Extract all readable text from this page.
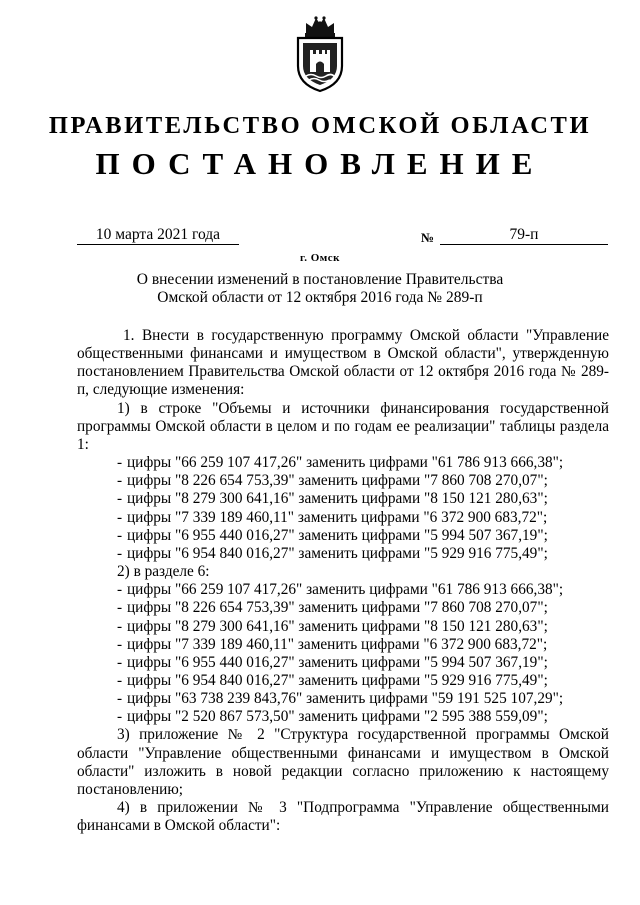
ПРАВИТЕЛЬСТВО ОМСКОЙ ОБЛАСТИ
ПОСТАНОВЛЕНИЕ
10 марта 2021 года	№	79-п
г. Омск
О внесении изменений в постановление Правительства
Омской области от 12 октября 2016 года № 289-п

1. Внести в государственную программу Омской области "Управление общественными финансами и имуществом в Омской области", утвержденную постановлением Правительства Омской области от 12 октября 2016 года № 289-п, следующие изменения:

1) в строке "Объемы и источники финансирования государственной программы Омской области в целом и по годам ее реализации" таблицы раздела 1:

- цифры "66 259 107 417,26" заменить цифрами "61 786 913 666,38";
- цифры "8 226 654 753,39" заменить цифрами "7 860 708 270,07";
- цифры "8 279 300 641,16" заменить цифрами "8 150 121 280,63";
- цифры "7 339 189 460,11" заменить цифрами "6 372 900 683,72";
- цифры "6 955 440 016,27" заменить цифрами "5 994 507 367,19";
- цифры "6 954 840 016,27" заменить цифрами "5 929 916 775,49";

2) в разделе 6:

- цифры "66 259 107 417,26" заменить цифрами "61 786 913 666,38";
- цифры "8 226 654 753,39" заменить цифрами "7 860 708 270,07";
- цифры "8 279 300 641,16" заменить цифрами "8 150 121 280,63";
- цифры "7 339 189 460,11" заменить цифрами "6 372 900 683,72";
- цифры "6 955 440 016,27" заменить цифрами "5 994 507 367,19";
- цифры "6 954 840 016,27" заменить цифрами "5 929 916 775,49";
- цифры "63 738 239 843,76" заменить цифрами "59 191 525 107,29";
- цифры "2 520 867 573,50" заменить цифрами "2 595 388 559,09";

3) приложение № 2 "Структура государственной программы Омской области "Управление общественными финансами и имуществом в Омской области" изложить в новой редакции согласно приложению к настоящему постановлению;

4) в приложении № 3 "Подпрограмма "Управление общественными финансами в Омской области":
